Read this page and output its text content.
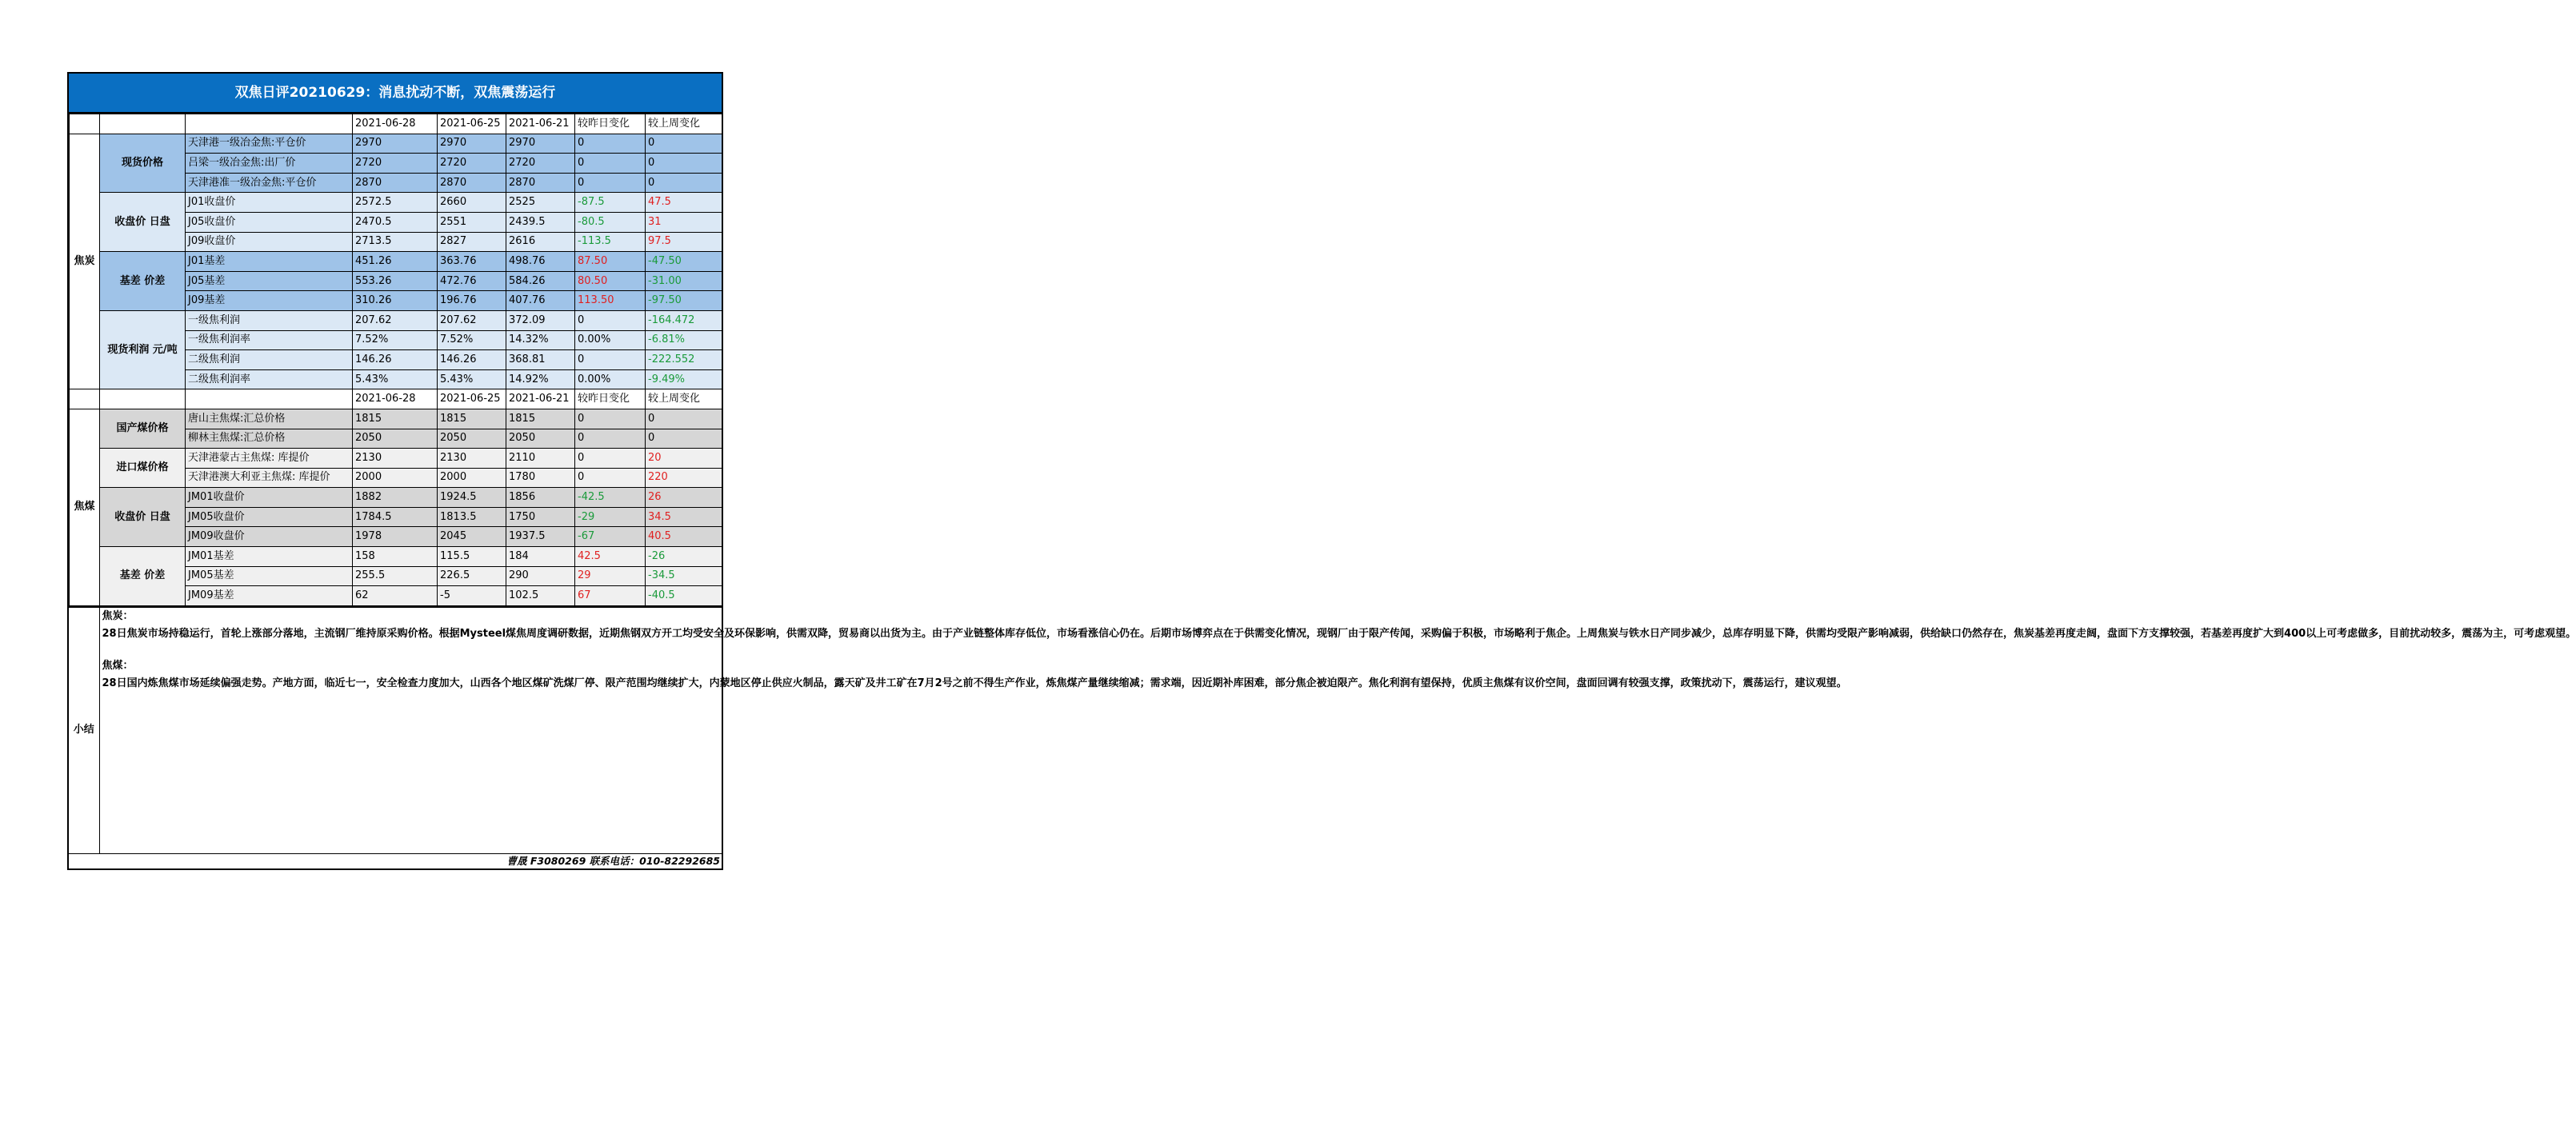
双焦日评20210629：消息扰动不断，双焦震荡运行
			2021-06-28	2021-06-25	2021-06-21	较昨日变化	较上周变化
焦炭	现货价格	天津港一级冶金焦:平仓价	2970	2970	2970	0	0
		吕梁一级冶金焦:出厂价	2720	2720	2720	0	0
		天津港准一级冶金焦:平仓价	2870	2870	2870	0	0
	收盘价 日盘	J01收盘价	2572.5	2660	2525	-87.5	47.5
		J05收盘价	2470.5	2551	2439.5	-80.5	31
		J09收盘价	2713.5	2827	2616	-113.5	97.5
	基差 价差	J01基差	451.26	363.76	498.76	87.50	-47.50
		J05基差	553.26	472.76	584.26	80.50	-31.00
		J09基差	310.26	196.76	407.76	113.50	-97.50
	现货利润 元/吨	一级焦利润	207.62	207.62	372.09	0	-164.472
		一级焦利润率	7.52%	7.52%	14.32%	0.00%	-6.81%
		二级焦利润	146.26	146.26	368.81	0	-222.552
		二级焦利润率	5.43%	5.43%	14.92%	0.00%	-9.49%
			2021-06-28	2021-06-25	2021-06-21	较昨日变化	较上周变化
焦煤	国产煤价格	唐山主焦煤:汇总价格	1815	1815	1815	0	0
		柳林主焦煤:汇总价格	2050	2050	2050	0	0
	进口煤价格	天津港蒙古主焦煤: 库提价	2130	2130	2110	0	20
		天津港澳大利亚主焦煤: 库提价	2000	2000	1780	0	220
	收盘价 日盘	JM01收盘价	1882	1924.5	1856	-42.5	26
		JM05收盘价	1784.5	1813.5	1750	-29	34.5
		JM09收盘价	1978	2045	1937.5	-67	40.5
	基差 价差	JM01基差	158	115.5	184	42.5	-26
		JM05基差	255.5	226.5	290	29	-34.5
		JM09基差	62	-5	102.5	67	-40.5
小结	

焦炭：
28日焦炭市场持稳运行，首轮上涨部分落地，主流钢厂维持原采购价格。根据Mysteel煤焦周度调研数据，近期焦钢双方开工均受安全及环保影响，供需双降，贸易商以出货为主。由于产业链整体库存低位，市场看涨信心仍在。后期市场博弈点在于供需变化情况，现钢厂由于限产传闻，采购偏于积极，市场略利于焦企。上周焦炭与铁水日产同步减少，总库存明显下降，供需均受限产影响减弱，供给缺口仍然存在，焦炭基差再度走阔，盘面下方支撑较强，若基差再度扩大到400以上可考虑做多，目前扰动较多，震荡为主，可考虑观望。

焦煤：
28日国内炼焦煤市场延续偏强走势。产地方面，临近七一，安全检查力度加大，山西各个地区煤矿洗煤厂停、限产范围均继续扩大，内蒙地区停止供应火制品，露天矿及井工矿在7月2号之前不得生产作业，炼焦煤产量继续缩减；需求端，因近期补库困难，部分焦企被迫限产。焦化利润有望保持，优质主焦煤有议价空间，盘面回调有较强支撑，政策扰动下，震荡运行，建议观望。

曹晟 F3080269 联系电话：010-82292685
